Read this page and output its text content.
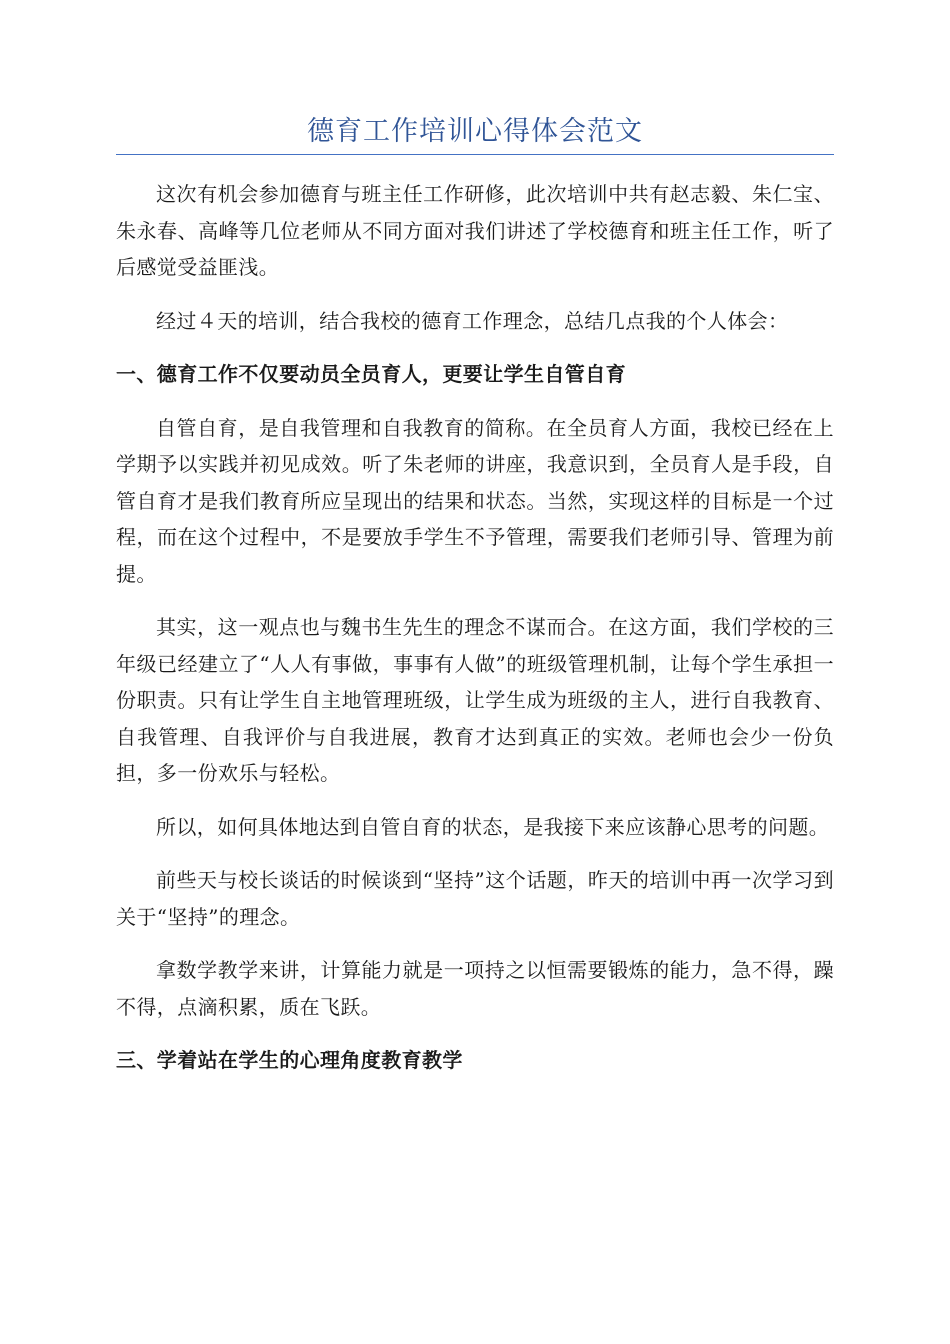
德育工作培训心得体会范文

这次有机会参加德育与班主任工作研修，此次培训中共有赵志毅、朱仁宝、朱永春、高峰等几位老师从不同方面对我们讲述了学校德育和班主任工作，听了后感觉受益匪浅。

经过４天的培训，结合我校的德育工作理念，总结几点我的个人体会：

一、德育工作不仅要动员全员育人，更要让学生自管自育

自管自育，是自我管理和自我教育的简称。在全员育人方面，我校已经在上学期予以实践并初见成效。听了朱老师的讲座，我意识到，全员育人是手段，自管自育才是我们教育所应呈现出的结果和状态。当然，实现这样的目标是一个过程，而在这个过程中，不是要放手学生不予管理，需要我们老师引导、管理为前提。

其实，这一观点也与魏书生先生的理念不谋而合。在这方面，我们学校的三年级已经建立了“人人有事做，事事有人做”的班级管理机制，让每个学生承担一份职责。只有让学生自主地管理班级，让学生成为班级的主人，进行自我教育、自我管理、自我评价与自我进展，教育才达到真正的实效。老师也会少一份负担，多一份欢乐与轻松。

所以，如何具体地达到自管自育的状态，是我接下来应该静心思考的问题。

前些天与校长谈话的时候谈到“坚持”这个话题，昨天的培训中再一次学习到关于“坚持”的理念。

拿数学教学来讲，计算能力就是一项持之以恒需要锻炼的能力，急不得，躁不得，点滴积累，质在飞跃。

三、学着站在学生的心理角度教育教学
